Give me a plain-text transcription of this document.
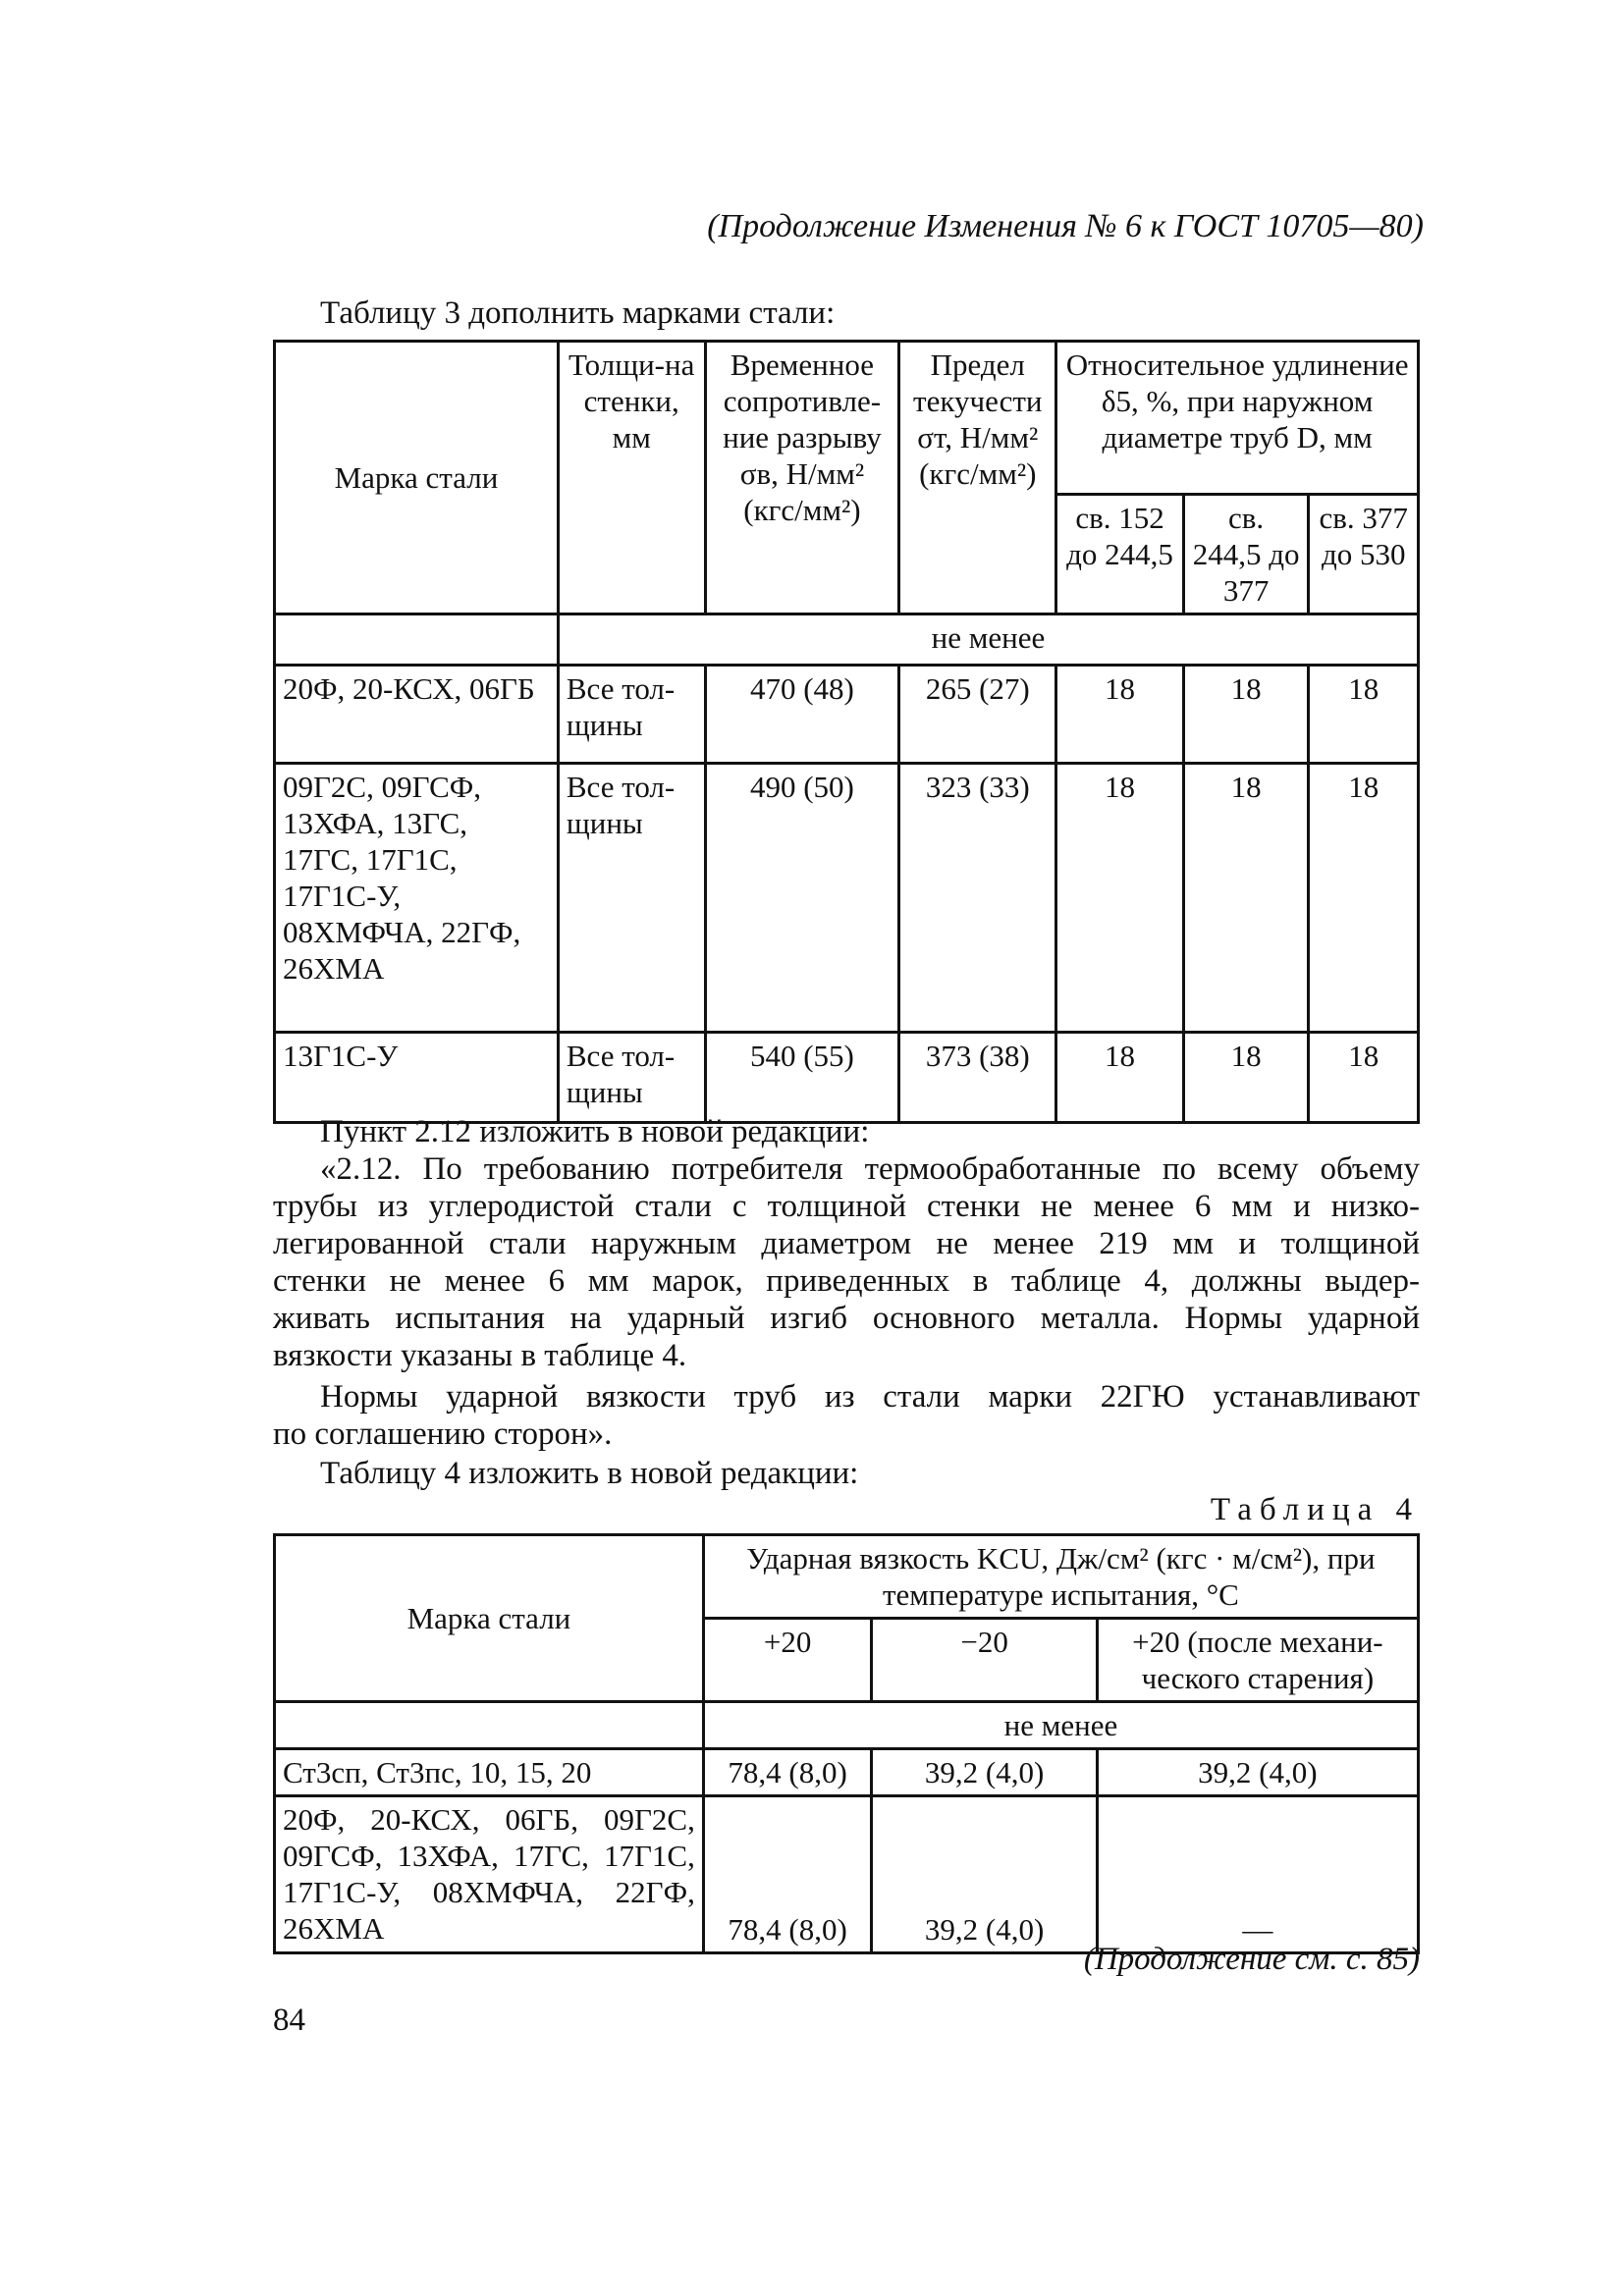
(Продолжение Изменения № 6 к ГОСТ 10705—80)
Таблицу 3 дополнить марками стали:
Марка стали	Толщи-на стенки, мм	Временное сопротивле-ние разрыву σв, Н/мм² (кгс/мм²)	Предел текучести σт, Н/мм² (кгс/мм²)	Относительное удлинение δ5, %, при наружном диаметре труб D, мм		
				св. 152 до 244,5	св. 244,5 до 377	св. 377 до 530
	не менее					
20Ф, 20-КСХ, 06ГБ	Все тол-щины	470 (48)	265 (27)	18	18	18
09Г2С, 09ГСФ, 13ХФА, 13ГС, 17ГС, 17Г1С, 17Г1С-У, 08ХМФЧА, 22ГФ, 26ХМА	Все тол-щины	490 (50)	323 (33)	18	18	18
13Г1С-У	Все тол-щины	540 (55)	373 (38)	18	18	18
Пункт 2.12 изложить в новой редакции:
«2.12. По требованию потребителя термообработанные по всему объему
трубы из углеродистой стали с толщиной стенки не менее 6 мм и низко-
легированной стали наружным диаметром не менее 219 мм и толщиной
стенки не менее 6 мм марок, приведенных в таблице 4, должны выдер-
живать испытания на ударный изгиб основного металла. Нормы ударной
вязкости указаны в таблице 4.
Нормы ударной вязкости труб из стали марки 22ГЮ устанавливают
по соглашению сторон».
Таблицу 4 изложить в новой редакции:
Таблица 4
Марка стали	Ударная вязкость KCU, Дж/см² (кгс · м/см²), при температуре испытания, °С		
	+20	−20	+20 (после механи-ческого старения)
	не менее		
Ст3сп, Ст3пс, 10, 15, 20	78,4 (8,0)	39,2 (4,0)	39,2 (4,0)
20Ф, 20-КСХ, 06ГБ, 09Г2С, 09ГСФ, 13ХФА, 17ГС, 17Г1С, 17Г1С-У, 08ХМФЧА, 22ГФ, 26ХМА	78,4 (8,0)	39,2 (4,0)	—
(Продолжение см. с. 85)
84
